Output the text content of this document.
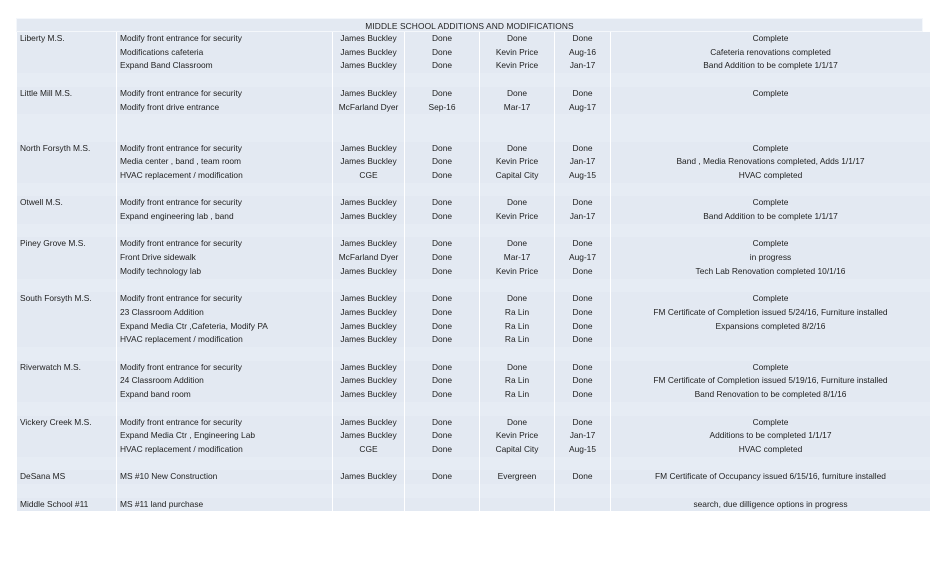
MIDDLE SCHOOL ADDITIONS AND MODIFICATIONS
Liberty M.S.	Modify front entrance for security	James Buckley	Done	Done	Done	Complete
	Modifications cafeteria	James Buckley	Done	Kevin Price	Aug-16	Cafeteria renovations completed
	Expand Band Classroom	James Buckley	Done	Kevin Price	Jan-17	Band Addition to be complete 1/1/17

Little Mill M.S.	Modify front entrance for security	James Buckley	Done	Done	Done	Complete
	Modify front drive entrance	McFarland Dyer	Sep-16	Mar-17	Aug-17	

North Forsyth M.S.	Modify front entrance for security	James Buckley	Done	Done	Done	Complete
	Media center , band , team room	James Buckley	Done	Kevin Price	Jan-17	Band , Media Renovations completed, Adds 1/1/17
	HVAC replacement / modification	CGE	Done	Capital City	Aug-15	HVAC completed

Otwell M.S.	Modify front entrance for security	James Buckley	Done	Done	Done	Complete
	Expand engineering lab , band	James Buckley	Done	Kevin Price	Jan-17	Band Addition to be complete 1/1/17

Piney Grove M.S.	Modify front entrance for security	James Buckley	Done	Done	Done	Complete
	Front Drive sidewalk	McFarland Dyer	Done	Mar-17	Aug-17	in progress
	Modify technology lab	James Buckley	Done	Kevin Price	Done	Tech Lab Renovation completed 10/1/16

South Forsyth M.S.	Modify front entrance for security	James Buckley	Done	Done	Done	Complete
	23 Classroom Addition	James Buckley	Done	Ra Lin	Done	FM Certificate of Completion issued 5/24/16, Furniture installed
	Expand Media Ctr ,Cafeteria, Modify PA	James Buckley	Done	Ra Lin	Done	Expansions completed 8/2/16
	HVAC replacement / modification	James Buckley	Done	Ra Lin	Done	

Riverwatch M.S.	Modify front entrance for security	James Buckley	Done	Done	Done	Complete
	24 Classroom Addition	James Buckley	Done	Ra Lin	Done	FM Certificate of Completion issued 5/19/16, Furniture installed
	Expand band room	James Buckley	Done	Ra Lin	Done	Band Renovation to be completed 8/1/16

Vickery Creek M.S.	Modify front entrance for security	James Buckley	Done	Done	Done	Complete
	Expand Media Ctr , Engineering Lab	James Buckley	Done	Kevin Price	Jan-17	Additions to be completed 1/1/17
	HVAC replacement / modification	CGE	Done	Capital City	Aug-15	HVAC completed

DeSana MS	MS #10 New Construction	James Buckley	Done	Evergreen	Done	FM Certificate of Occupancy issued 6/15/16, furniture installed

Middle School #11	MS #11 land purchase					search, due dilligence options in progress
